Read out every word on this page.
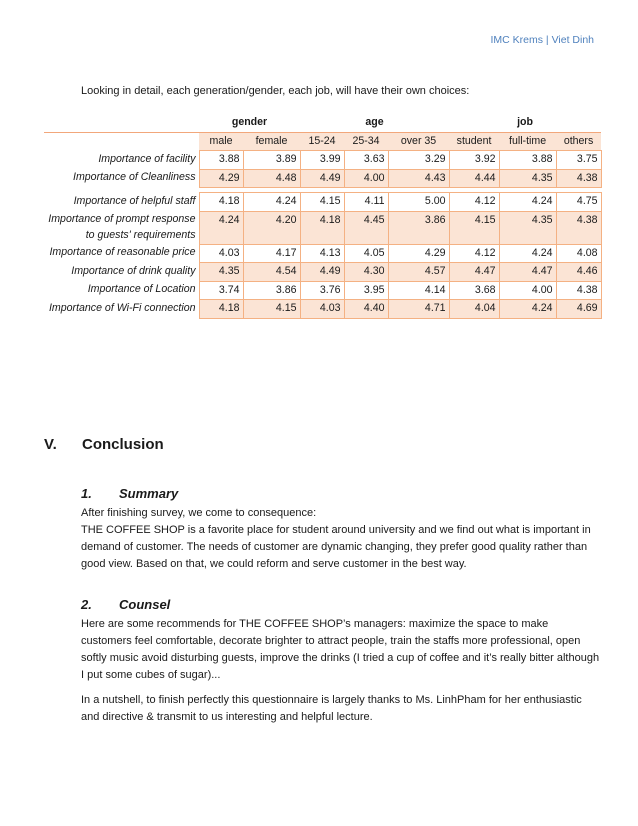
IMC Krems | Viet Dinh
Looking in detail, each generation/gender, each job, will have their own choices:
	gender		age			job		
	male	female	15-24	25-34	over 35	student	full-time	others
Importance of facility	3.88	3.89	3.99	3.63	3.29	3.92	3.88	3.75
Importance of Cleanliness	4.29	4.48	4.49	4.00	4.43	4.44	4.35	4.38

Importance of helpful staff	4.18	4.24	4.15	4.11	5.00	4.12	4.24	4.75
Importance of prompt response to guests' requirements	4.24	4.20	4.18	4.45	3.86	4.15	4.35	4.38
Importance of reasonable price	4.03	4.17	4.13	4.05	4.29	4.12	4.24	4.08
Importance of drink quality	4.35	4.54	4.49	4.30	4.57	4.47	4.47	4.46
Importance of Location	3.74	3.86	3.76	3.95	4.14	3.68	4.00	4.38
Importance of Wi-Fi connection	4.18	4.15	4.03	4.40	4.71	4.04	4.24	4.69
V. Conclusion
1. Summary
After finishing survey, we come to consequence:
THE COFFEE SHOP is a favorite place for student around university and we find out what is important in demand of customer. The needs of customer are dynamic changing, they prefer good quality rather than good view. Based on that, we could reform and serve customer in the best way.
2. Counsel
Here are some recommends for THE COFFEE SHOP’s managers: maximize the space to make customers feel comfortable, decorate brighter to attract people, train the staffs more professional, open softly music avoid disturbing guests, improve the drinks (I tried a cup of coffee and it’s really bitter although I put some cubes of sugar)...
In a nutshell, to finish perfectly this questionnaire is largely thanks to Ms. LinhPham for her enthusiastic and directive & transmit to us interesting and helpful lecture.
